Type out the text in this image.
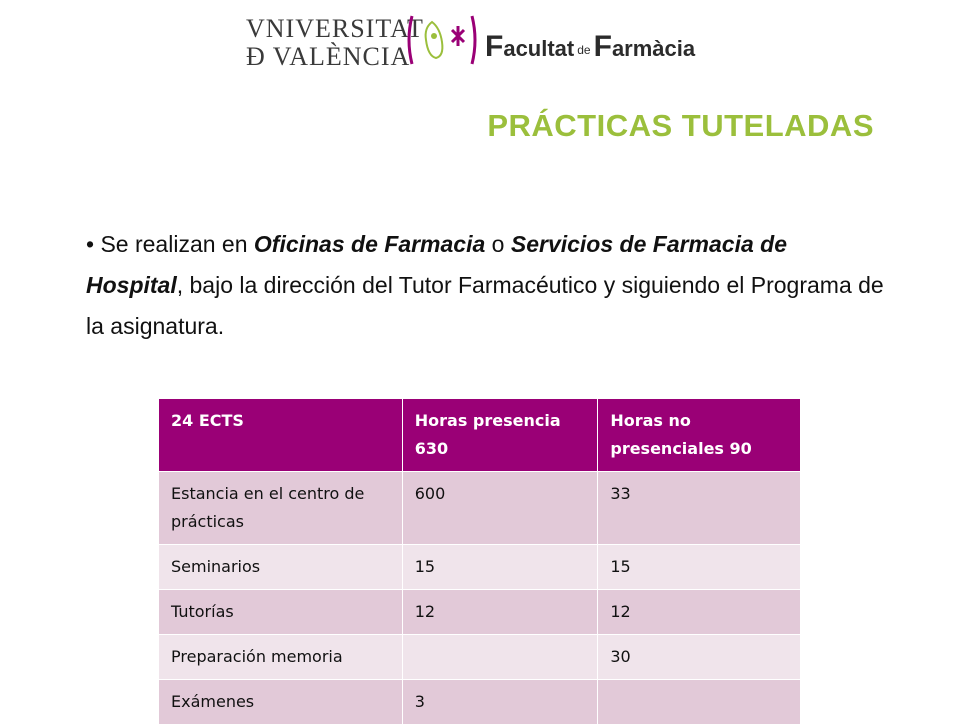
VNIVERSITAT
Ð VALÈNCIA Facultat de Farmàcia
PRÁCTICAS TUTELADAS
• Se realizan en Oficinas de Farmacia o Servicios de Farmacia de Hospital, bajo la dirección del Tutor Farmacéutico y siguiendo el Programa de la asignatura.
24 ECTS	Horas presencia 630	Horas no presenciales 90
Estancia en el centro de prácticas	600	33
Seminarios	15	15
Tutorías	12	12
Preparación memoria		30
Exámenes	3	
